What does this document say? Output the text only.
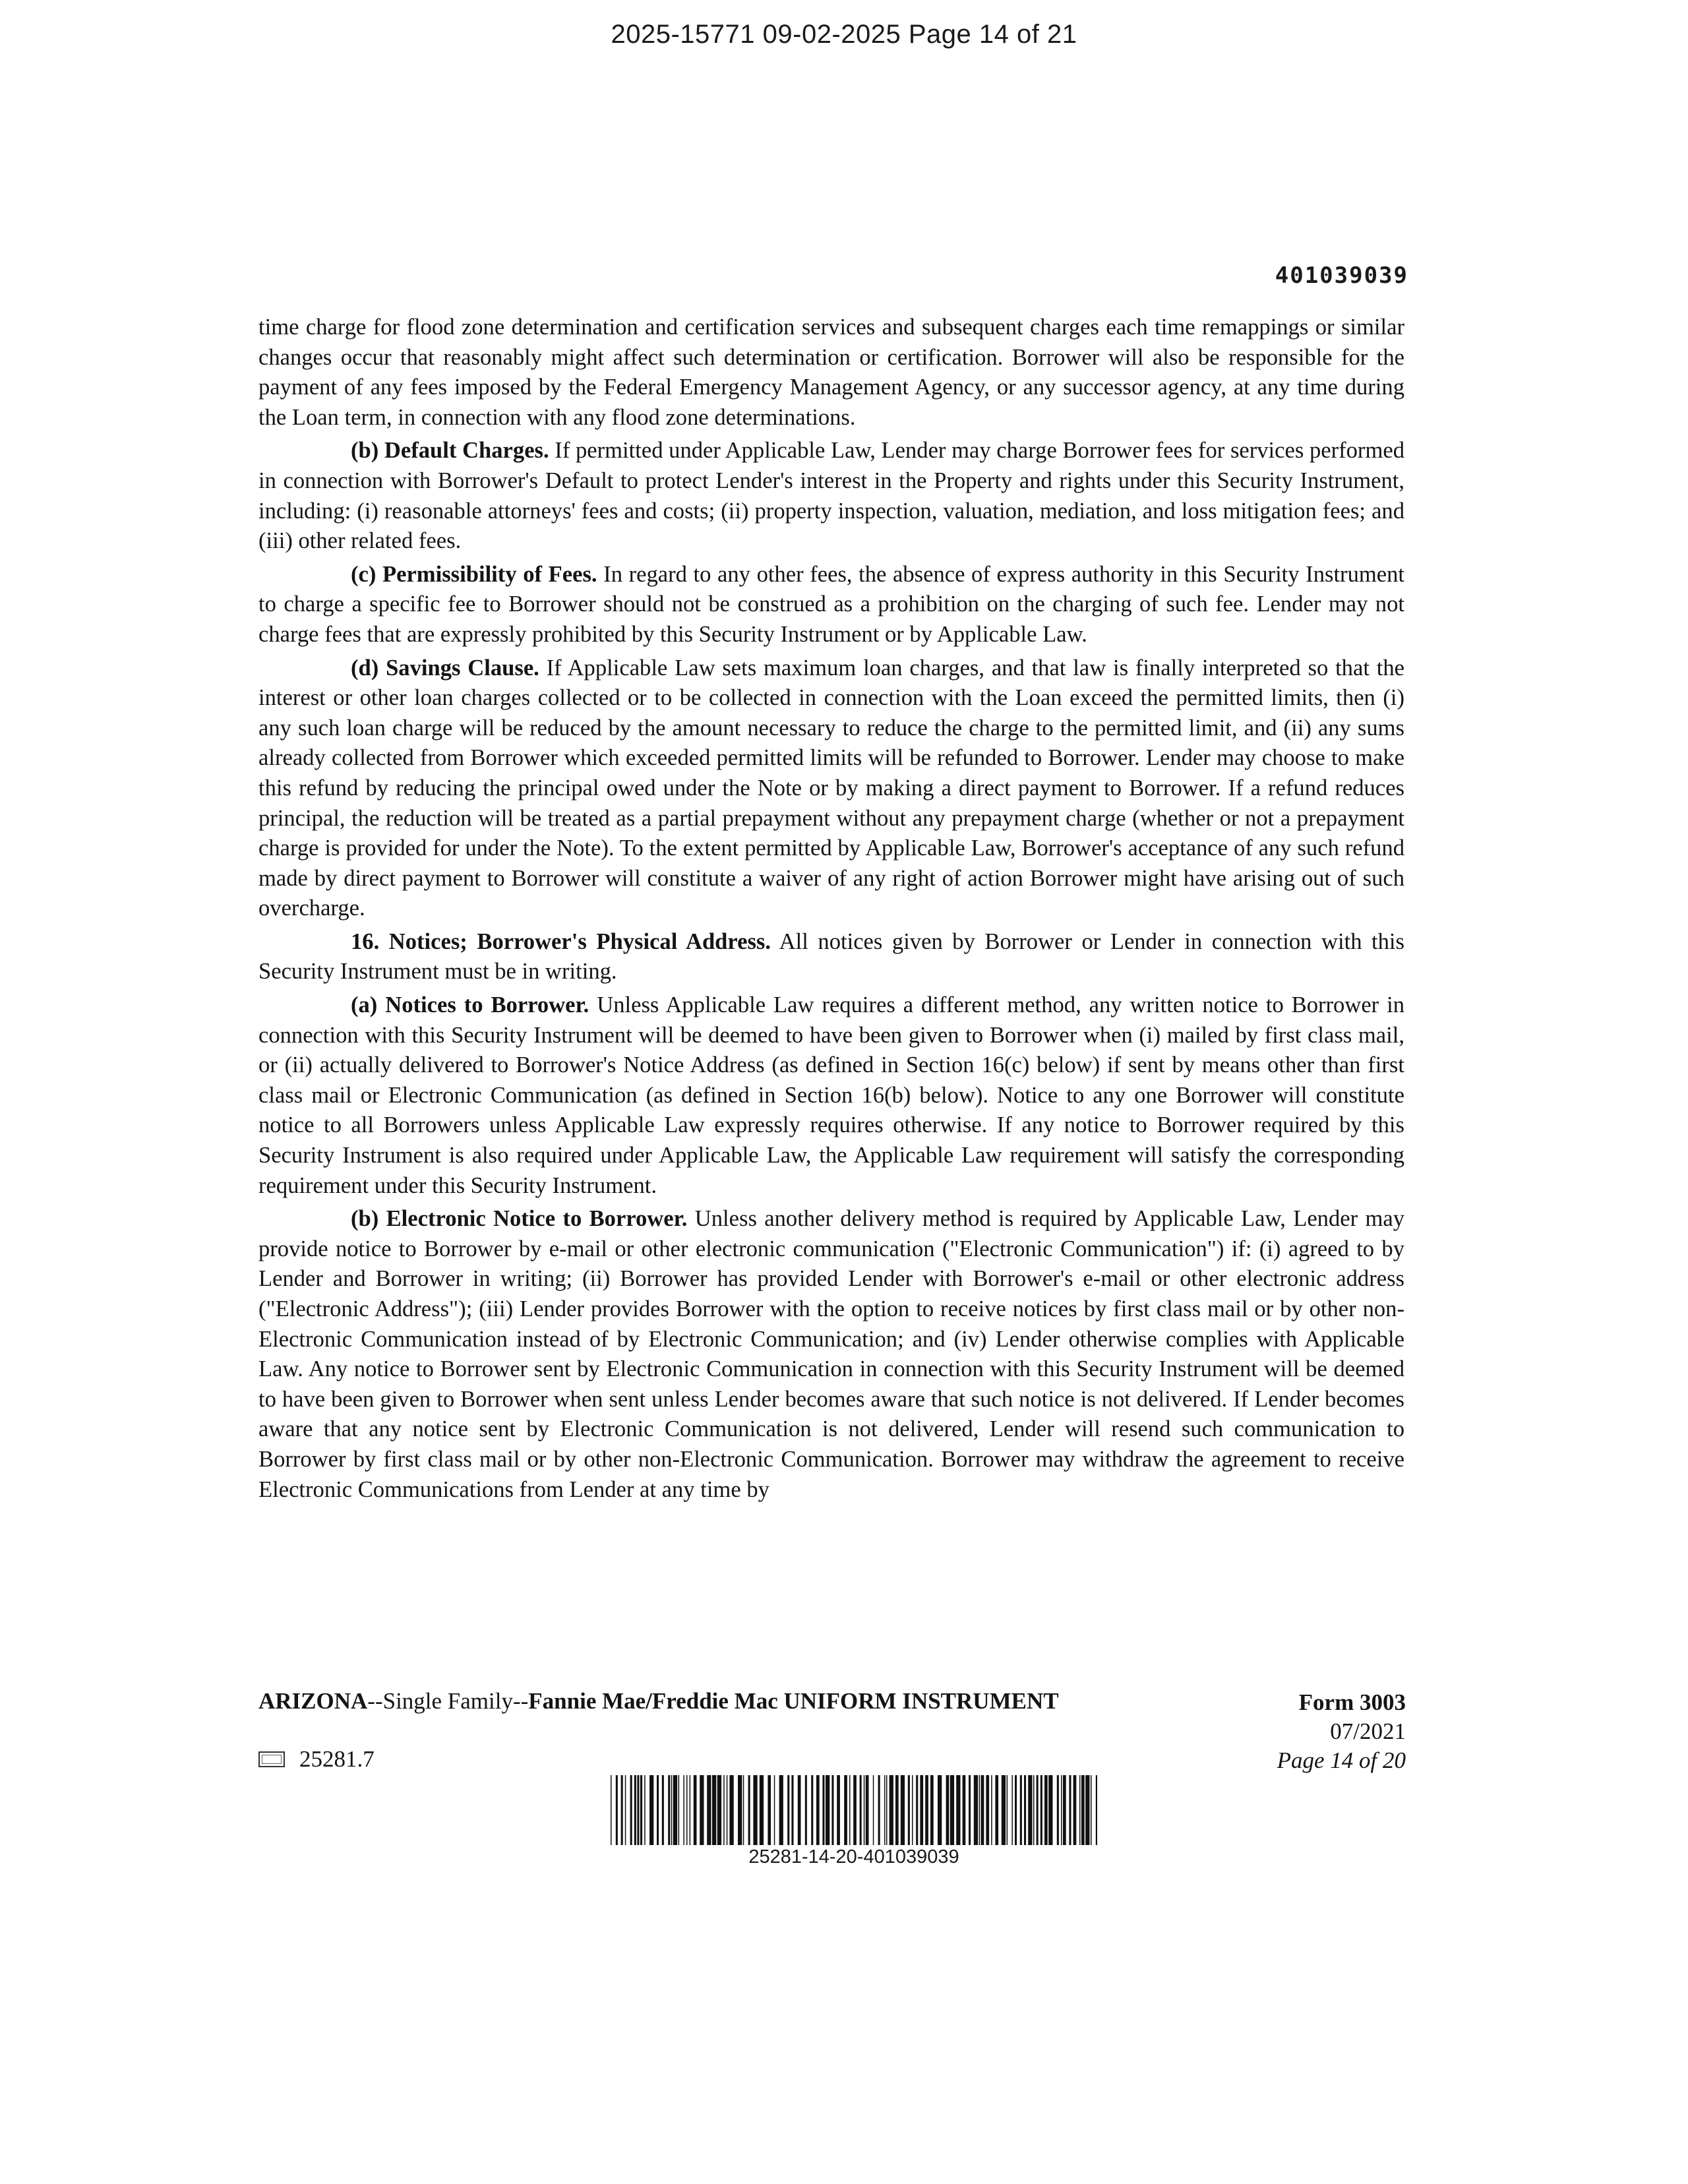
2025-15771 09-02-2025 Page 14 of 21
401039039

time charge for flood zone determination and certification services and subsequent charges each time remappings or similar changes occur that reasonably might affect such determination or certification. Borrower will also be responsible for the payment of any fees imposed by the Federal Emergency Management Agency, or any successor agency, at any time during the Loan term, in connection with any flood zone determinations.

(b) Default Charges. If permitted under Applicable Law, Lender may charge Borrower fees for services performed in connection with Borrower's Default to protect Lender's interest in the Property and rights under this Security Instrument, including: (i) reasonable attorneys' fees and costs; (ii) property inspection, valuation, mediation, and loss mitigation fees; and (iii) other related fees.

(c) Permissibility of Fees. In regard to any other fees, the absence of express authority in this Security Instrument to charge a specific fee to Borrower should not be construed as a prohibition on the charging of such fee. Lender may not charge fees that are expressly prohibited by this Security Instrument or by Applicable Law.

(d) Savings Clause. If Applicable Law sets maximum loan charges, and that law is finally interpreted so that the interest or other loan charges collected or to be collected in connection with the Loan exceed the permitted limits, then (i) any such loan charge will be reduced by the amount necessary to reduce the charge to the permitted limit, and (ii) any sums already collected from Borrower which exceeded permitted limits will be refunded to Borrower. Lender may choose to make this refund by reducing the principal owed under the Note or by making a direct payment to Borrower. If a refund reduces principal, the reduction will be treated as a partial prepayment without any prepayment charge (whether or not a prepayment charge is provided for under the Note). To the extent permitted by Applicable Law, Borrower's acceptance of any such refund made by direct payment to Borrower will constitute a waiver of any right of action Borrower might have arising out of such overcharge.

16. Notices; Borrower's Physical Address. All notices given by Borrower or Lender in connection with this Security Instrument must be in writing.

(a) Notices to Borrower. Unless Applicable Law requires a different method, any written notice to Borrower in connection with this Security Instrument will be deemed to have been given to Borrower when (i) mailed by first class mail, or (ii) actually delivered to Borrower's Notice Address (as defined in Section 16(c) below) if sent by means other than first class mail or Electronic Communication (as defined in Section 16(b) below). Notice to any one Borrower will constitute notice to all Borrowers unless Applicable Law expressly requires otherwise. If any notice to Borrower required by this Security Instrument is also required under Applicable Law, the Applicable Law requirement will satisfy the corresponding requirement under this Security Instrument.

(b) Electronic Notice to Borrower. Unless another delivery method is required by Applicable Law, Lender may provide notice to Borrower by e-mail or other electronic communication ("Electronic Communication") if: (i) agreed to by Lender and Borrower in writing; (ii) Borrower has provided Lender with Borrower's e-mail or other electronic address ("Electronic Address"); (iii) Lender provides Borrower with the option to receive notices by first class mail or by other non-Electronic Communication instead of by Electronic Communication; and (iv) Lender otherwise complies with Applicable Law. Any notice to Borrower sent by Electronic Communication in connection with this Security Instrument will be deemed to have been given to Borrower when sent unless Lender becomes aware that such notice is not delivered. If Lender becomes aware that any notice sent by Electronic Communication is not delivered, Lender will resend such communication to Borrower by first class mail or by other non-Electronic Communication. Borrower may withdraw the agreement to receive Electronic Communications from Lender at any time by

ARIZONA--Single Family--Fannie Mae/Freddie Mac UNIFORM INSTRUMENT	Form 3003
07/2021
Page 14 of 20
25281.7
25281-14-20-401039039
